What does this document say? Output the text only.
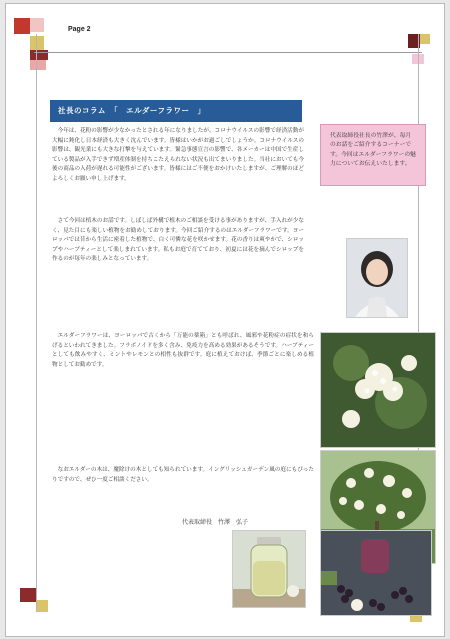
Page 2
社長のコラム　「　エルダーフラワー　」

今年は、花粉の影響が少なかったとされる年になりましたが、コロナウイルスの影響で経済活動が大幅に鈍化し日本経済も大きく沈んでいます。皆様はいかがお過ごしでしょうか。コロナウイルスの影響は、観光業にも大きな打撃を与えています。緊急事態宣言の影響で、各メーカーは中国で生産している製品が入手できず増産体制を持ちこたえられない状況も出てまいりました。当社においても今後の商品の入荷が遅れる可能性がございます。皆様にはご不便をおかけいたしますが、ご理解のほどよろしくお願い申し上げます。

さて今回は植木のお話です。しばしば外構で植木のご相談を受ける事がありますが、手入れが少なく、見た目にも楽しい植物をお勧めしております。今回ご紹介するのはエルダーフラワーです。ヨーロッパでは昔から生活に密着した植物で、白く可憐な花を咲かせます。花の香りは爽やかで、シロップやハーブティーとして楽しまれています。私もお庭で育てており、初夏には花を摘んでシロップを作るのが毎年の楽しみとなっています。

エルダーフラワーは、ヨーロッパで古くから「万能の薬箱」とも呼ばれ、風邪や花粉症の症状を和らげるといわれてきました。フラボノイドを多く含み、免疫力を高める効果があるそうです。ハーブティーとしても飲みやすく、ミントやレモンとの相性も抜群です。庭に植えておけば、季節ごとに楽しめる植物としてお勧めです。

なおエルダーの木は、魔除けの木としても知られています。イングリッシュガーデン風の庭にもぴったりですので、ぜひ一度ご相談ください。

代表取締役社長の竹澤が、毎月のお話をご紹介するコーナーです。今回はエルダーフラワーの魅力についてお伝えいたします。
代表取締役　竹澤　弘子
